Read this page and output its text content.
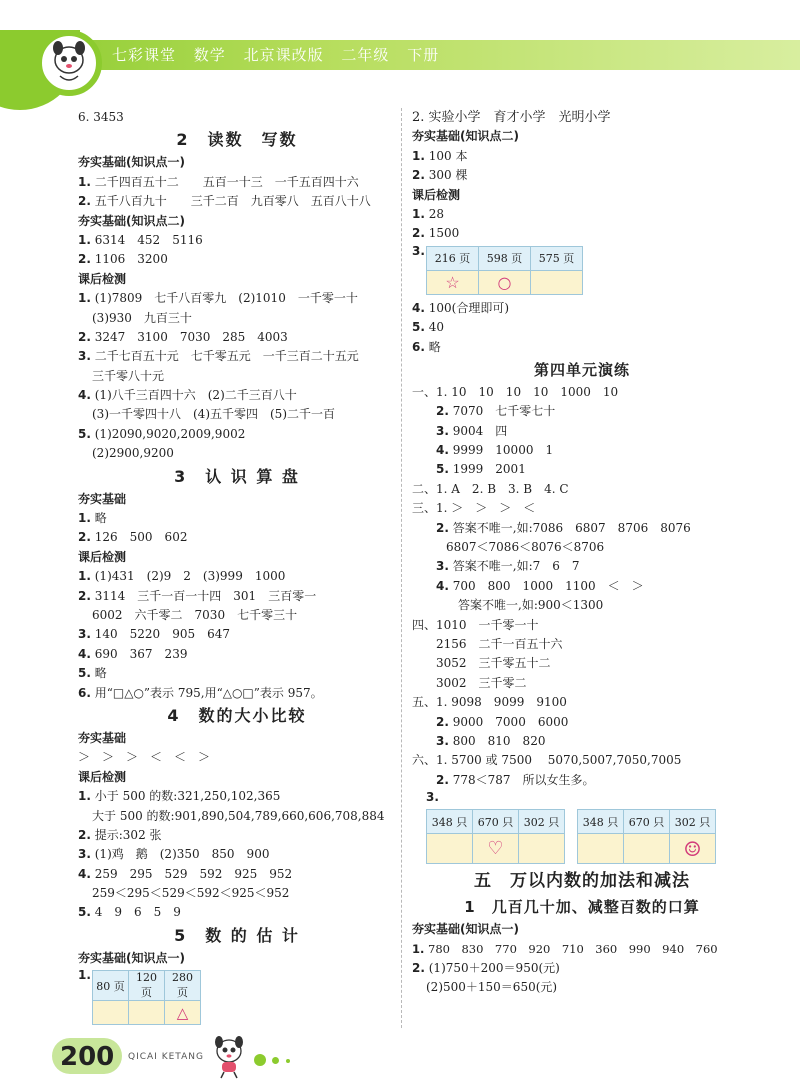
七彩课堂 数学 北京课改版 二年级 下册
6. 3453
2　读数　写数
夯实基础(知识点一)
1. 二千四百五十二　　五百一十三　一千五百四十六
2. 五千八百九十　　三千二百　九百零八　五百八十八
夯实基础(知识点二)
1. 6314　452　5116
2. 1106　3200
课后检测
1. (1)7809　七千八百零九　(2)1010　一千零一十
(3)930　九百三十
2. 3247　3100　7030　285　4003
3. 二千七百五十元　七千零五元　一千三百二十五元
三千零八十元
4. (1)八千三百四十六　(2)二千三百八十
(3)一千零四十八　(4)五千零四　(5)二千一百
5. (1)2090,9020,2009,9002
(2)2900,9200
3　认 识 算 盘
夯实基础
1. 略
2. 126　500　602
课后检测
1. (1)431　(2)9　2　(3)999　1000
2. 3114　三千一百一十四　301　三百零一
6002　六千零二　7030　七千零三十
3. 140　5220　905　647
4. 690　367　239
5. 略
6. 用“□△○”表示 795,用“△○□”表示 957。
4　数的大小比较
夯实基础
＞　＞　＞　＜　＜　＞
课后检测
1. 小于 500 的数:321,250,102,365
大于 500 的数:901,890,504,789,660,606,708,884
2. 提示:302 张
3. (1)鸡　鹅　(2)350　850　900
4. 259　295　529　592　925　952
259＜295＜529＜592＜925＜952
5. 4　9　6　5　9
5　数 的 估 计
夯实基础(知识点一)
1.
80 页	120 页	280 页
		△
2. 实验小学　育才小学　光明小学
夯实基础(知识点二)
1. 100 本
2. 300 棵
课后检测
1. 28
2. 1500
3.
216 页	598 页	575 页
☆	○	
4. 100(合理即可)
5. 40
6. 略
第四单元演练
一、1. 10　10　10　10　1000　10
2. 7070　七千零七十
3. 9004　四
4. 9999　10000　1
5. 1999　2001
二、1. A　2. B　3. B　4. C
三、1. ＞　＞　＞　＜
2. 答案不唯一,如:7086　6807　8706　8076
6807＜7086＜8076＜8706
3. 答案不唯一,如:7　6　7
4. 700　800　1000　1100　＜　＞
答案不唯一,如:900＜1300
四、1010　一千零一十
2156　二千一百五十六
3052　三千零五十二
3002　三千零二
五、1. 9098　9099　9100
2. 9000　7000　6000
3. 800　810　820
六、1. 5700 或 7500　 5070,5007,7050,7005
2. 778＜787　所以女生多。
3.
348 只	670 只	302 只
	♡	
348 只	670 只	302 只
		☺
五　万以内数的加法和减法
1　几百几十加、减整百数的口算
夯实基础(知识点一)
1. 780　830　770　920　710　360　990　940　760
2. (1)750＋200＝950(元)
(2)500＋150＝650(元)
200 QICAI KETANG
